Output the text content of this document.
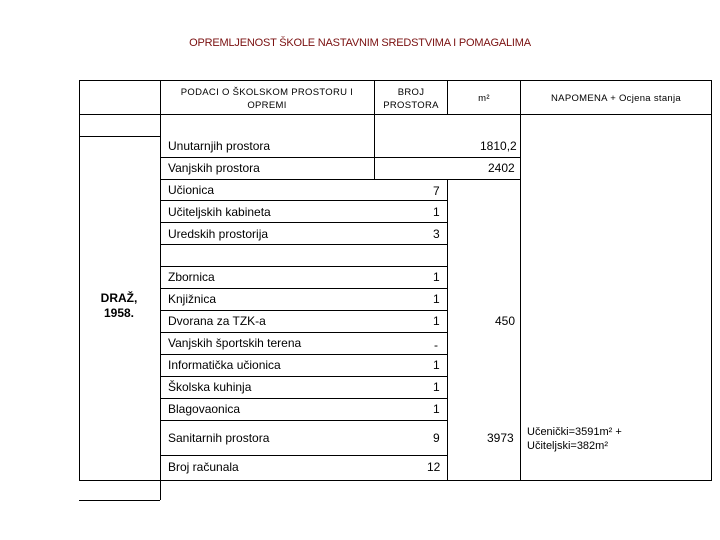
OPREMLJENOST ŠKOLE NASTAVNIM SREDSTVIMA I POMAGALIMA
PODACI O ŠKOLSKOM PROSTORU I
OPREMI
BROJ
PROSTORA
m²	NAPOMENA + Ocjena stanja
DRAŽ,
1958.
Unutarnjih prostora
Vanjskih prostora
Učionica
Učiteljskih kabineta
Uredskih prostorija
Zbornica
Knjižnica
Dvorana za TZK-a
Vanjskih športskih terena
Informatička učionica
Školska kuhinja
Blagovaonica
Sanitarnih prostora
Broj računala
1810,2
2402
7
1
3
1
1
1
-
1
1
1
9
12
450
3973 Učenički=3591m² +
Učiteljski=382m²
